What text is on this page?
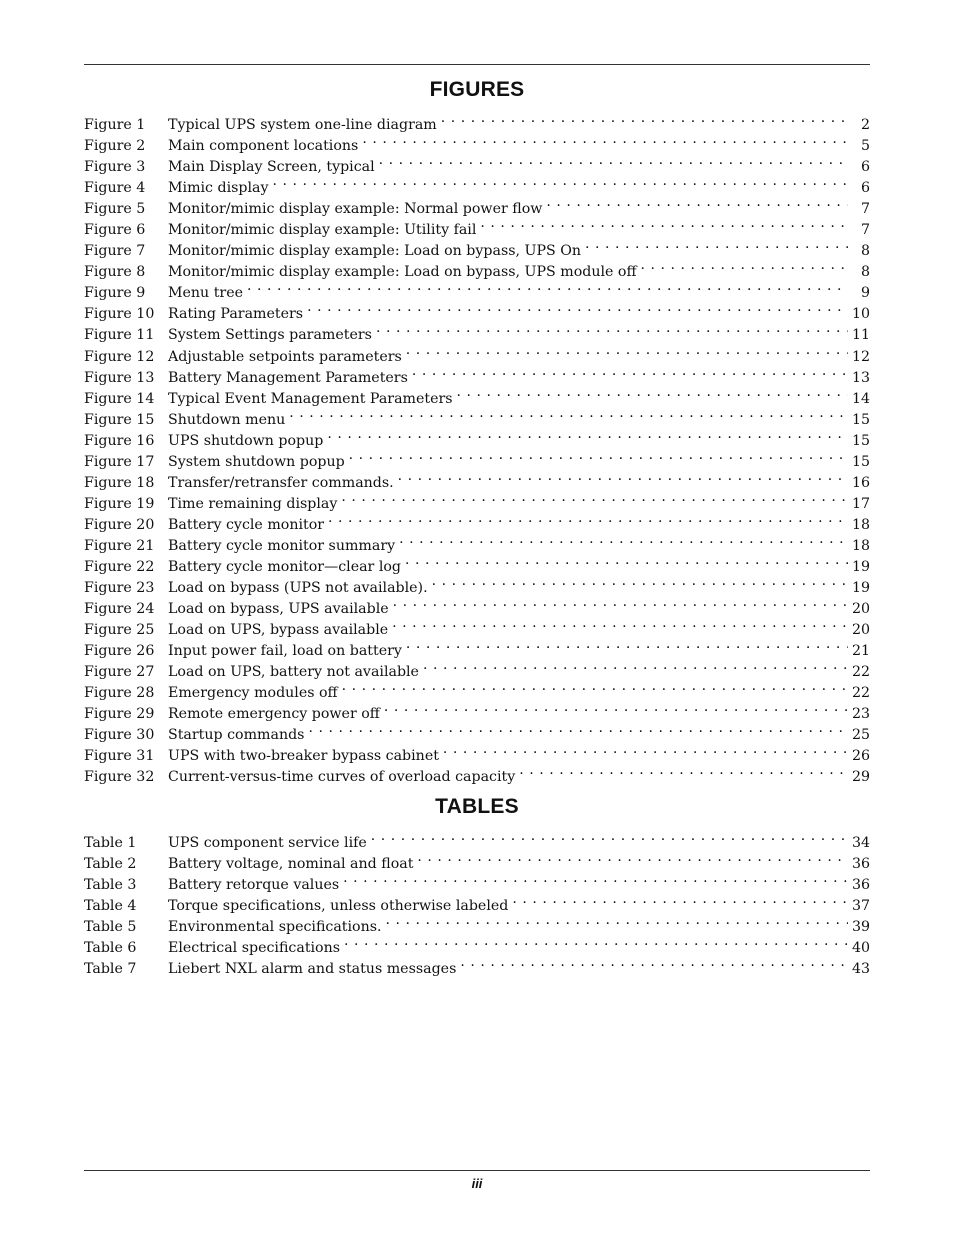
FIGURES
Figure 1	Typical UPS system one-line diagram . . .	2
Figure 2	Main component locations . . .	5
Figure 3	Main Display Screen, typical . . .	6
Figure 4	Mimic display . . .	6
Figure 5	Monitor/mimic display example: Normal power flow . . .	7
Figure 6	Monitor/mimic display example: Utility fail . . .	7
Figure 7	Monitor/mimic display example: Load on bypass, UPS On . . .	8
Figure 8	Monitor/mimic display example: Load on bypass, UPS module off . . .	8
Figure 9	Menu tree . . .	9
Figure 10 Rating Parameters . . .	10
Figure 11 System Settings parameters . . .	11
Figure 12 Adjustable setpoints parameters . . .	12
Figure 13 Battery Management Parameters . . .	13
Figure 14 Typical Event Management Parameters . . .	14
Figure 15 Shutdown menu . . .	15
Figure 16 UPS shutdown popup . . .	15
Figure 17 System shutdown popup . . .	15
Figure 18 Transfer/retransfer commands. . . .	16
Figure 19 Time remaining display . . .	17
Figure 20 Battery cycle monitor . . .	18
Figure 21 Battery cycle monitor summary . . .	18
Figure 22 Battery cycle monitor—clear log . . .	19
Figure 23 Load on bypass (UPS not available). . . .	19
Figure 24 Load on bypass, UPS available . . .	20
Figure 25 Load on UPS, bypass available . . .	20
Figure 26 Input power fail, load on battery . . .	21
Figure 27 Load on UPS, battery not available . . .	22
Figure 28 Emergency modules off . . .	22
Figure 29 Remote emergency power off . . .	23
Figure 30 Startup commands . . .	25
Figure 31 UPS with two-breaker bypass cabinet . . .	26
Figure 32 Current-versus-time curves of overload capacity . . .	29
TABLES
Table 1	UPS component service life . . .	34
Table 2	Battery voltage, nominal and float . . .	36
Table 3	Battery retorque values . . .	36
Table 4	Torque specifications, unless otherwise labeled . . .	37
Table 5	Environmental specifications. . . .	39
Table 6	Electrical specifications . . .	40
Table 7	Liebert NXL alarm and status messages . . .	43
iii
